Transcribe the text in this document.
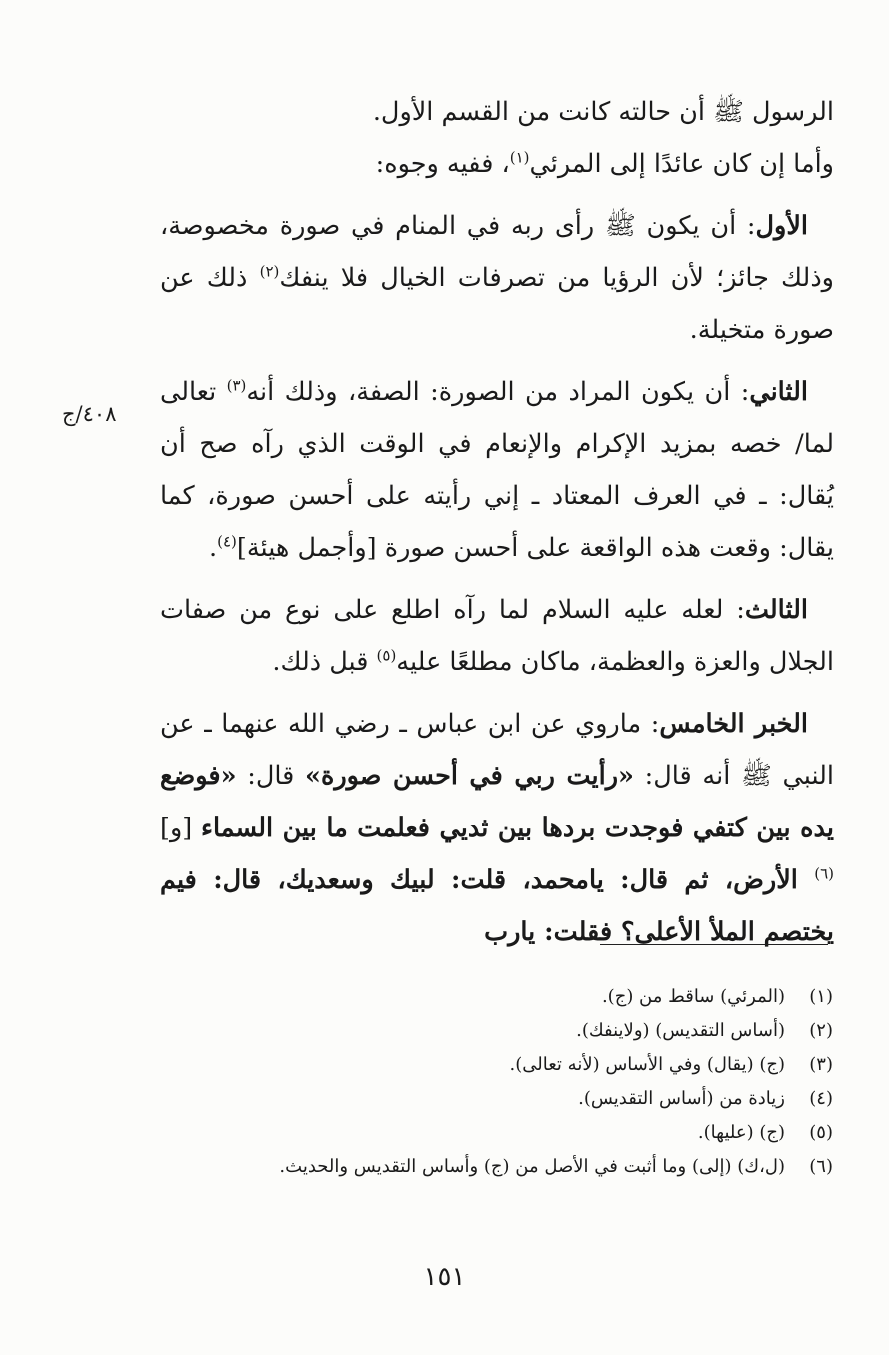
٤٠٨/ج

الرسول ﷺ أن حالته كانت من القسم الأول.

وأما إن كان عائدًا إلى المرئي$^{(١)}$، ففيه وجوه:

الأول: أن يكون ﷺ رأى ربه في المنام في صورة مخصوصة، وذلك جائز؛ لأن الرؤيا من تصرفات الخيال فلا ينفك$^{(٢)}$ ذلك عن صورة متخيلة.

الثاني: أن يكون المراد من الصورة: الصفة، وذلك أنه$^{(٣)}$ تعالى لما/ خصه بمزيد الإكرام والإنعام في الوقت الذي رآه صح أن يُقال: ـ في العرف المعتاد ـ إني رأيته على أحسن صورة، كما يقال: وقعت هذه الواقعة على أحسن صورة [وأجمل هيئة]$^{(٤)}$.

الثالث: لعله عليه السلام لما رآه اطلع على نوع من صفات الجلال والعزة والعظمة، ماكان مطلعًا عليه$^{(٥)}$ قبل ذلك.

الخبر الخامس: ماروي عن ابن عباس ـ رضي الله عنهما ـ عن النبي ﷺ أنه قال: «رأيت ربي في أحسن صورة» قال: «فوضع يده بين كتفي فوجدت بردها بين ثديي فعلمت ما بين السماء [و]$^{(٦)}$ الأرض، ثم قال: يامحمد، قلت: لبيك وسعديك، قال: فيم يختصم الملأ الأعلى؟ فقلت: يارب

(١)
(المرئي) ساقط من (ج).
(٢)
(أساس التقديس) (ولاينفك).
(٣)
(ج) (يقال) وفي الأساس (لأنه تعالى).
(٤)
زيادة من (أساس التقديس).
(٥)
(ج) (عليها).
(٦)
(ل،ك) (إلى) وما أثبت في الأصل من (ج) وأساس التقديس والحديث.
١٥١
